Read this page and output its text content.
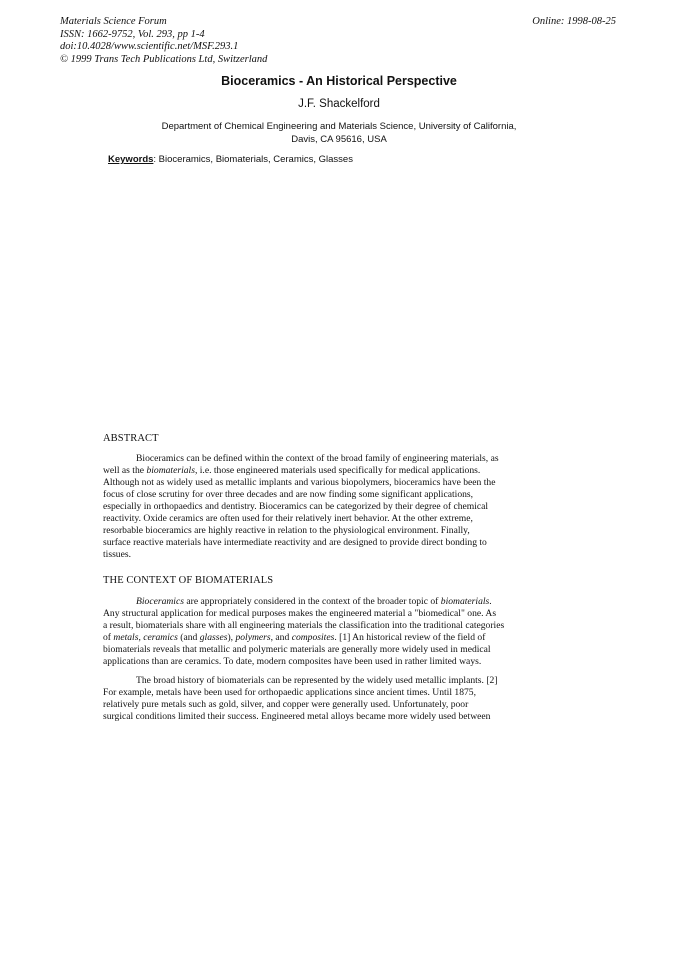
Materials Science Forum
ISSN: 1662-9752, Vol. 293, pp 1-4
doi:10.4028/www.scientific.net/MSF.293.1
© 1999 Trans Tech Publications Ltd, Switzerland
Online: 1998-08-25
Bioceramics - An Historical Perspective
J.F. Shackelford
Department of Chemical Engineering and Materials Science, University of California,
Davis, CA 95616, USA
Keywords: Bioceramics, Biomaterials, Ceramics, Glasses
ABSTRACT
Bioceramics can be defined within the context of the broad family of engineering materials, as
well as the biomaterials, i.e. those engineered materials used specifically for medical applications.
Although not as widely used as metallic implants and various biopolymers, bioceramics have been the
focus of close scrutiny for over three decades and are now finding some significant applications,
especially in orthopaedics and dentistry. Bioceramics can be categorized by their degree of chemical
reactivity. Oxide ceramics are often used for their relatively inert behavior. At the other extreme,
resorbable bioceramics are highly reactive in relation to the physiological environment. Finally,
surface reactive materials have intermediate reactivity and are designed to provide direct bonding to
tissues.
THE CONTEXT OF BIOMATERIALS
Bioceramics are appropriately considered in the context of the broader topic of biomaterials.
Any structural application for medical purposes makes the engineered material a "biomedical" one. As
a result, biomaterials share with all engineering materials the classification into the traditional categories
of metals, ceramics (and glasses), polymers, and composites. [1] An historical review of the field of
biomaterials reveals that metallic and polymeric materials are generally more widely used in medical
applications than are ceramics. To date, modern composites have been used in rather limited ways.
The broad history of biomaterials can be represented by the widely used metallic implants. [2]
For example, metals have been used for orthopaedic applications since ancient times. Until 1875,
relatively pure metals such as gold, silver, and copper were generally used. Unfortunately, poor
surgical conditions limited their success. Engineered metal alloys became more widely used between
